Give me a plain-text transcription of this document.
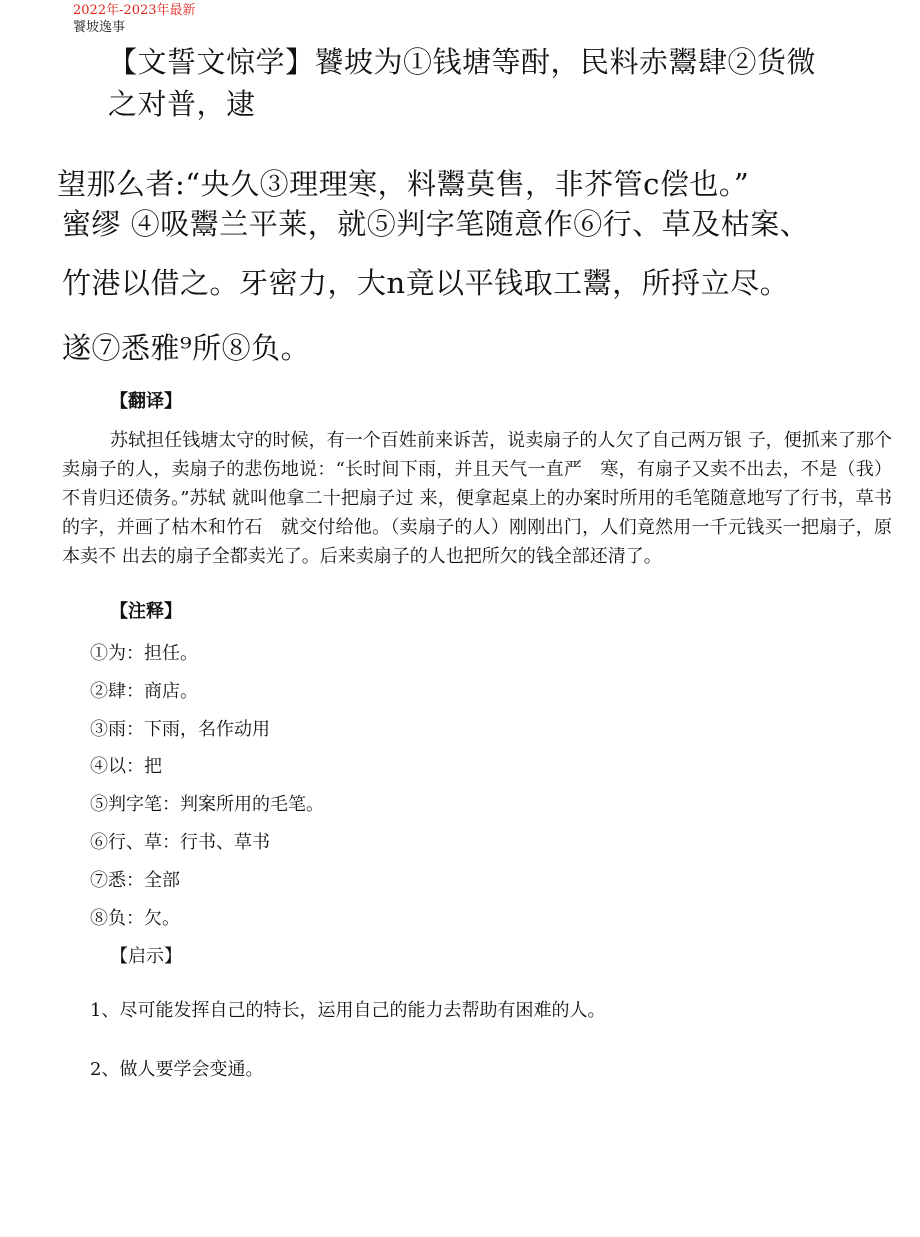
2022年-2023年最新
饕坡逸事
【文誓文惊学】饕坡为①钱塘等酎，民料赤鬻肆②货微
之对普，逮
望那么者:“央久③理理寒，料鬻莫售，非芥管c偿也。”
蜜缪 ④吸鬻兰平莱，就⑤判字笔随意作⑥行、草及枯案、
竹港以借之。牙密力，大n竟以平钱取工鬻，所捋立尽。
遂⑦悉雅⁹所⑧负。
【翻译】

苏轼担任钱塘太守的时候，有一个百姓前来诉苦，说卖扇子的人欠了自己两万银 子，便抓来了那个卖扇子的人，卖扇子的悲伤地说：“长时间下雨，并且天气一直严　寒，有扇子又卖不出去，不是（我）不肯归还债务。”苏轼 就叫他拿二十把扇子过 来，便拿起桌上的办案时所用的毛笔随意地写了行书，草书的字，并画了枯木和竹石　就交付给他。（卖扇子的人）刚刚出门，人们竟然用一千元钱买一把扇子，原本卖不 出去的扇子全都卖光了。后来卖扇子的人也把所欠的钱全部还清了。

【注释】
①为：担任。
②肆：商店。
③雨：下雨，名作动用
④以：把
⑤判字笔：判案所用的毛笔。
⑥行、草：行书、草书
⑦悉：全部
⑧负：欠。
【启示】
1、尽可能发挥自己的特长，运用自己的能力去帮助有困难的人。
2、做人要学会变通。
